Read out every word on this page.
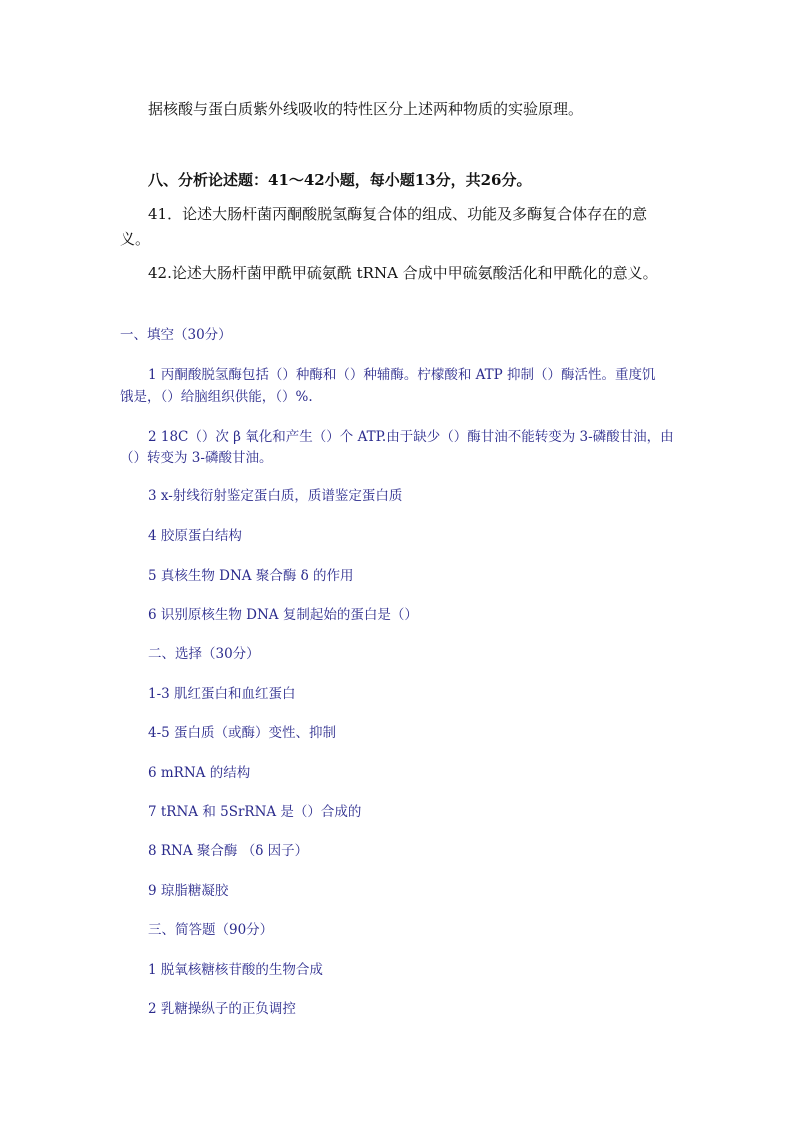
据核酸与蛋白质紫外线吸收的特性区分上述两种物质的实验原理。
八、分析论述题：41～42小题，每小题13分，共26分。
41．论述大肠杆菌丙酮酸脱氢酶复合体的组成、功能及多酶复合体存在的意
义。
42.论述大肠杆菌甲酰甲硫氨酰 tRNA 合成中甲硫氨酸活化和甲酰化的意义。
一、填空（30分）
1 丙酮酸脱氢酶包括（）种酶和（）种辅酶。柠檬酸和 ATP 抑制（）酶活性。重度饥
饿是，（）给脑组织供能，（）%.
2 18C（）次 β 氧化和产生（）个 ATP.由于缺少（）酶甘油不能转变为 3-磷酸甘油，由
（）转变为 3-磷酸甘油。
3 x-射线衍射鉴定蛋白质，质谱鉴定蛋白质
4 胶原蛋白结构
5 真核生物 DNA 聚合酶 δ 的作用
6 识别原核生物 DNA 复制起始的蛋白是（）
二、选择（30分）
1-3 肌红蛋白和血红蛋白
4-5 蛋白质（或酶）变性、抑制
6 mRNA 的结构
7 tRNA 和 5SrRNA 是（）合成的
8 RNA 聚合酶 （δ 因子）
9 琼脂糖凝胶
三、简答题（90分）
1 脱氧核糖核苷酸的生物合成
2 乳糖操纵子的正负调控
